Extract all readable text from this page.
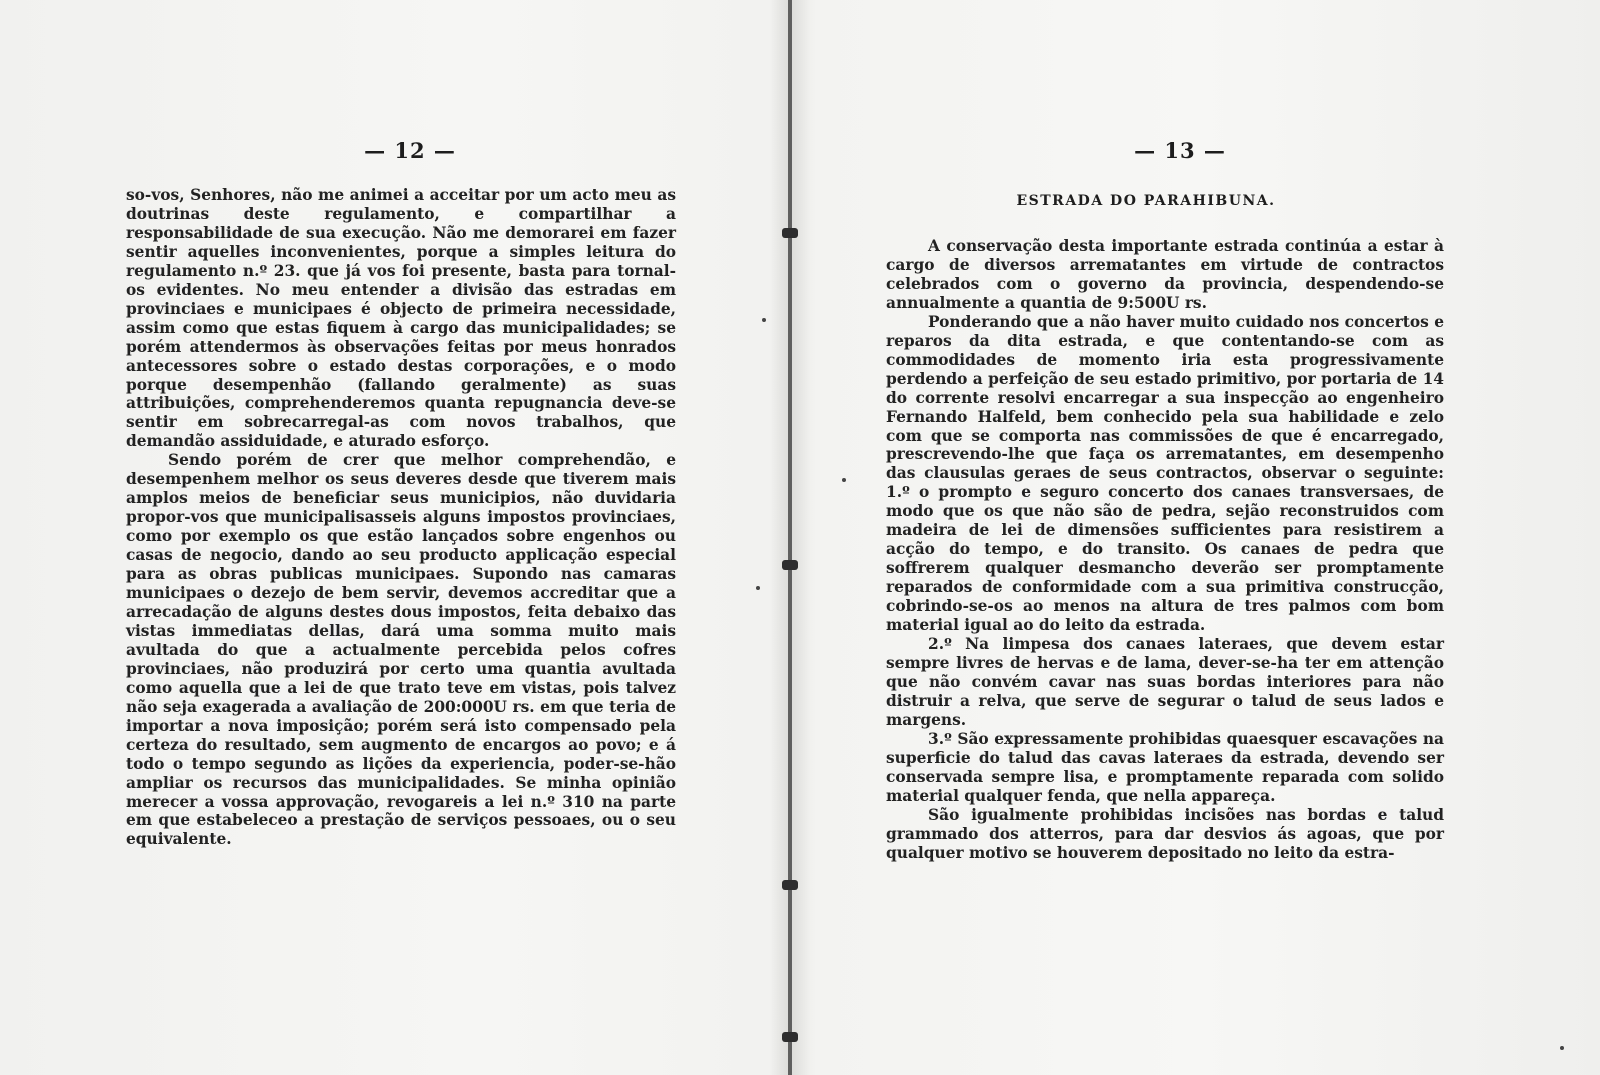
— 12 —

so-vos, Senhores, não me animei a acceitar por um acto meu as doutrinas deste regulamento, e compartilhar a responsabilidade de sua execução. Não me demorarei em fazer sentir aquelles inconvenientes, porque a simples leitura do regulamento n.º 23. que já vos foi presente, basta para tornal-os evidentes. No meu entender a divisão das estradas em provinciaes e municipaes é objecto de primeira necessidade, assim como que estas fiquem à cargo das municipalidades; se porém attendermos às observações feitas por meus honrados antecessores sobre o estado destas corporações, e o modo porque desempenhão (fallando geralmente) as suas attribuições, comprehenderemos quanta repugnancia deve-se sentir em sobrecarregal-as com novos trabalhos, que demandão assiduidade, e aturado esforço.

Sendo porém de crer que melhor comprehendão, e desempenhem melhor os seus deveres desde que tiverem mais amplos meios de beneficiar seus municipios, não duvidaria propor-vos que municipalisasseis alguns impostos provinciaes, como por exemplo os que estão lançados sobre engenhos ou casas de negocio, dando ao seu producto applicação especial para as obras publicas municipaes. Supondo nas camaras municipaes o dezejo de bem servir, devemos accreditar que a arrecadação de alguns destes dous impostos, feita debaixo das vistas immediatas dellas, dará uma somma muito mais avultada do que a actualmente percebida pelos cofres provinciaes, não produzirá por certo uma quantia avultada como aquella que a lei de que trato teve em vistas, pois talvez não seja exagerada a avaliação de 200:000U rs. em que teria de importar a nova imposição; porém será isto compensado pela certeza do resultado, sem augmento de encargos ao povo; e á todo o tempo segundo as lições da experiencia, poder-se-hão ampliar os recursos das municipalidades. Se minha opinião merecer a vossa approvação, revogareis a lei n.º 310 na parte em que estabeleceo a prestação de serviços pessoaes, ou o seu equivalente.

— 13 —
ESTRADA DO PARAHIBUNA.

A conservação desta importante estrada continúa a estar à cargo de diversos arrematantes em virtude de contractos celebrados com o governo da provincia, despendendo-se annualmente a quantia de 9:500U rs.

Ponderando que a não haver muito cuidado nos concertos e reparos da dita estrada, e que contentando-se com as commodidades de momento iria esta progressivamente perdendo a perfeição de seu estado primitivo, por portaria de 14 do corrente resolvi encarregar a sua inspecção ao engenheiro Fernando Halfeld, bem conhecido pela sua habilidade e zelo com que se comporta nas commissões de que é encarregado, prescrevendo-lhe que faça os arrematantes, em desempenho das clausulas geraes de seus contractos, observar o seguinte: 1.º o prompto e seguro concerto dos canaes transversaes, de modo que os que não são de pedra, sejão reconstruidos com madeira de lei de dimensões sufficientes para resistirem a acção do tempo, e do transito. Os canaes de pedra que soffrerem qualquer desmancho deverão ser promptamente reparados de conformidade com a sua primitiva construcção, cobrindo-se-os ao menos na altura de tres palmos com bom material igual ao do leito da estrada.

2.º Na limpesa dos canaes lateraes, que devem estar sempre livres de hervas e de lama, dever-se-ha ter em attenção que não convém cavar nas suas bordas interiores para não distruir a relva, que serve de segurar o talud de seus lados e margens.

3.º São expressamente prohibidas quaesquer escavações na superficie do talud das cavas lateraes da estrada, devendo ser conservada sempre lisa, e promptamente reparada com solido material qualquer fenda, que nella appareça.

São igualmente prohibidas incisões nas bordas e talud grammado dos atterros, para dar desvios ás agoas, que por qualquer motivo se houverem depositado no leito da estra-
